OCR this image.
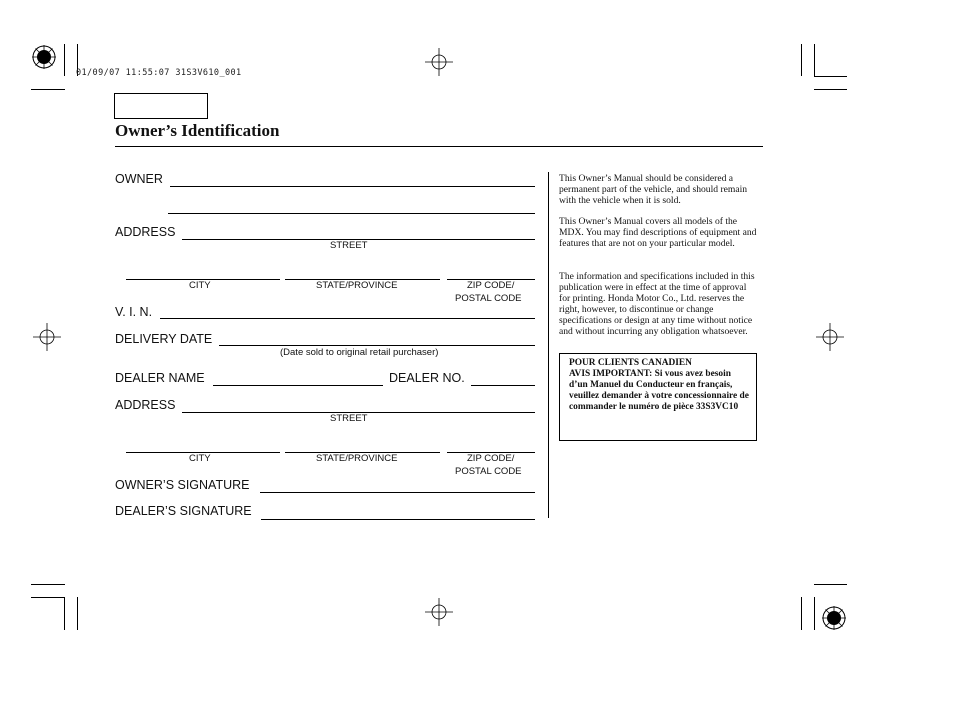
01/09/07 11:55:07 31S3V610_001
Owner’s Identification
OWNER
ADDRESS
STREET
CITY	STATE/PROVINCE	ZIP CODE/
POSTAL CODE
V. I. N.
DELIVERY DATE
(Date sold to original retail purchaser)
DEALER NAME	DEALER NO.
ADDRESS
STREET
CITY	STATE/PROVINCE	ZIP CODE/
POSTAL CODE
OWNER’S SIGNATURE
DEALER’S SIGNATURE

This Owner’s Manual should be considered a permanent part of the vehicle, and should remain with the vehicle when it is sold.

This Owner’s Manual covers all models of the MDX. You may find descriptions of equipment and features that are not on your particular model.

The information and specifications included in this publication were in effect at the time of approval for printing. Honda Motor Co., Ltd. reserves the right, however, to discontinue or change specifications or design at any time without notice and without incurring any obligation whatsoever.

POUR CLIENTS CANADIEN

AVIS IMPORTANT: Si vous avez besoin d’un Manuel du Conducteur en français, veuillez demander à votre concessionnaire de commander le numéro de pièce 33S3VC10
